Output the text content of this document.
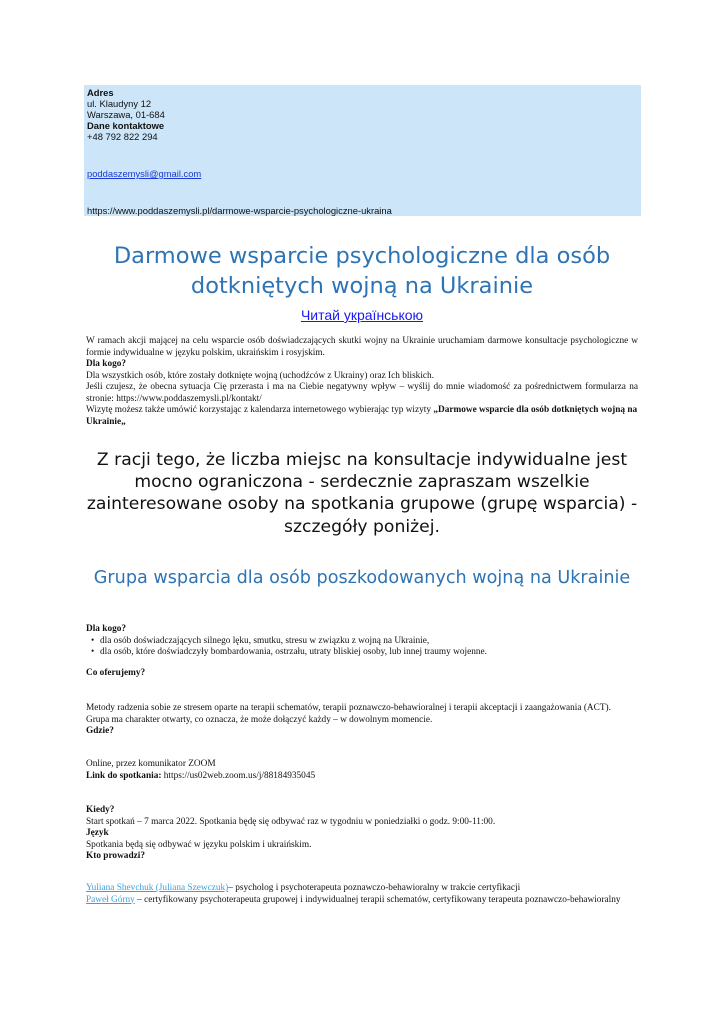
Adres
ul. Klaudyny 12
Warszawa, 01-684
Dane kontaktowe
+48 792 822 294
poddaszemysli@gmail.com
https://www.poddaszemysli.pl/darmowe-wsparcie-psychologiczne-ukraina
Darmowe wsparcie psychologiczne dla osób dotkniętych wojną na Ukrainie
Читай українською

W ramach akcji mającej na celu wsparcie osób doświadczających skutki wojny na Ukrainie uruchamiam darmowe konsultacje psychologiczne w formie indywidualne w języku polskim, ukraińskim i rosyjskim.

Dla kogo?

Dla wszystkich osób, które zostały dotknięte wojną (uchodźców z Ukrainy) oraz Ich bliskich.

Jeśli czujesz, że obecna sytuacja Cię przerasta i ma na Ciebie negatywny wpływ – wyślij do mnie wiadomość za pośrednictwem formularza na stronie: https://www.poddaszemysli.pl/kontakt/

Wizytę możesz także umówić korzystając z kalendarza internetowego wybierając typ wizyty „Darmowe wsparcie dla osób dotkniętych wojną na Ukrainie„

Z racji tego, że liczba miejsc na konsultacje indywidualne jest mocno ograniczona - serdecznie zapraszam wszelkie zainteresowane osoby na spotkania grupowe (grupę wsparcia) - szczegóły poniżej.
Grupa wsparcia dla osób poszkodowanych wojną na Ukrainie

Dla kogo?

• dla osób doświadczających silnego lęku, smutku, stresu w związku z wojną na Ukrainie,
• dla osób, które doświadczyły bombardowania, ostrzału, utraty bliskiej osoby, lub innej traumy wojenne.
Co oferujemy?

Metody radzenia sobie ze stresem oparte na terapii schematów, terapii poznawczo-behawioralnej i terapii akceptacji i zaangażowania (ACT).

Grupa ma charakter otwarty, co oznacza, że może dołączyć każdy – w dowolnym momencie.

Gdzie?

Online, przez komunikator ZOOM

Link do spotkania: https://us02web.zoom.us/j/88184935045

Kiedy?

Start spotkań – 7 marca 2022. Spotkania będę się odbywać raz w tygodniu w poniedziałki o godz. 9:00-11:00.

Język

Spotkania będą się odbywać w języku polskim i ukraińskim.

Kto prowadzi?

Yuliana Shevchuk (Juliana Szewczuk)– psycholog i psychoterapeuta poznawczo-behawioralny w trakcie certyfikacji

Paweł Górny – certyfikowany psychoterapeuta grupowej i indywidualnej terapii schematów, certyfikowany terapeuta poznawczo-behawioralny
